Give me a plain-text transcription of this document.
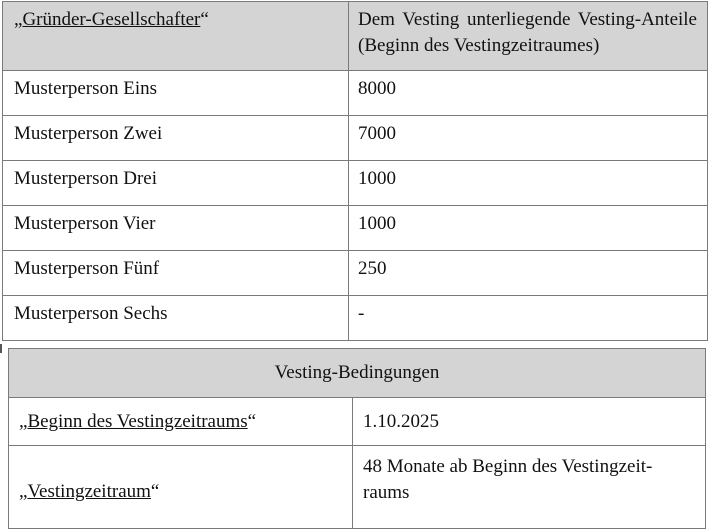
„Gründer-Gesellschafter“	Dem Vesting unterliegende Vesting-Anteile (Beginn des Vestingzeitraumes)
Musterperson Eins	8000
Musterperson Zwei	7000
Musterperson Drei	1000
Musterperson Vier	1000
Musterperson Fünf	250
Musterperson Sechs	-
Vesting-Bedingungen	
„Beginn des Vestingzeitraums“	1.10.2025
„Vestingzeitraum“	48 Monate ab Beginn des Vestingzeit-raums
